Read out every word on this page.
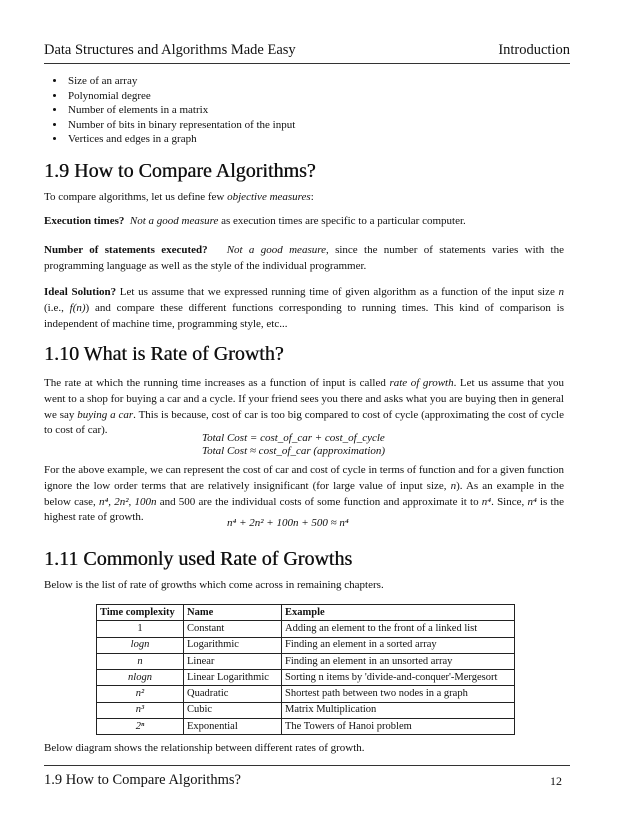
Data Structures and Algorithms Made Easy	Introduction
• Size of an array
• Polynomial degree
• Number of elements in a matrix
• Number of bits in binary representation of the input
• Vertices and edges in a graph
1.9 How to Compare Algorithms?

To compare algorithms, let us define few objective measures:

Execution times? Not a good measure as execution times are specific to a particular computer.

Number of statements executed? Not a good measure, since the number of statements varies with the programming language as well as the style of the individual programmer.

Ideal Solution? Let us assume that we expressed running time of given algorithm as a function of the input size n (i.e., f(n)) and compare these different functions corresponding to running times. This kind of comparison is independent of machine time, programming style, etc...

1.10 What is Rate of Growth?

The rate at which the running time increases as a function of input is called rate of growth. Let us assume that you went to a shop for buying a car and a cycle. If your friend sees you there and asks what you are buying then in general we say buying a car. This is because, cost of car is too big compared to cost of cycle (approximating the cost of cycle to cost of car).

Total Cost = cost_of_car + cost_of_cycle
Total Cost ≈ cost_of_car (approximation)

For the above example, we can represent the cost of car and cost of cycle in terms of function and for a given function ignore the low order terms that are relatively insignificant (for large value of input size, n). As an example in the below case, n⁴, 2n², 100n and 500 are the individual costs of some function and approximate it to n⁴. Since, n⁴ is the highest rate of growth.	n⁴ + 2n² + 100n + 500 ≈ n⁴
1.11 Commonly used Rate of Growths

Below is the list of rate of growths which come across in remaining chapters.

Time complexity	Name	Example
1	Constant	Adding an element to the front of a linked list
logn	Logarithmic	Finding an element in a sorted array
n	Linear	Finding an element in an unsorted array
nlogn	Linear Logarithmic	Sorting n items by 'divide-and-conquer'-Mergesort
n²	Quadratic	Shortest path between two nodes in a graph
n³	Cubic	Matrix Multiplication
2ⁿ	Exponential	The Towers of Hanoi problem

Below diagram shows the relationship between different rates of growth.

1.9 How to Compare Algorithms?	12
